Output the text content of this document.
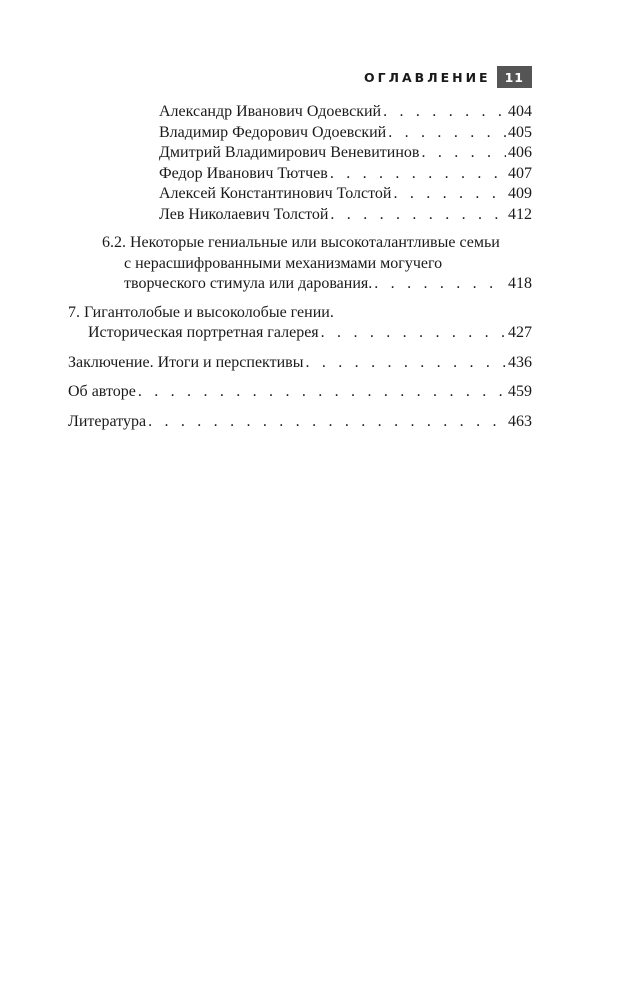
ОГЛАВЛЕНИЕ	11
Александр Иванович Одоевский . . .	404
Владимир Федорович Одоевский . . .	405
Дмитрий Владимирович Веневитинов . . .	406
Федор Иванович Тютчев . . .	407
Алексей Константинович Толстой . . .	409
Лев Николаевич Толстой . . .	412
6.2. Некоторые гениальные или высокоталантливые семьи
с нерасшифрованными механизмами могучего
творческого стимула или дарования. . . .	418
7. Гигантолобые и высоколобые гении.
Историческая портретная галерея . . .	427
Заключение. Итоги и перспективы . . .	436
Об авторе . . .	459
Литература . . .	463
